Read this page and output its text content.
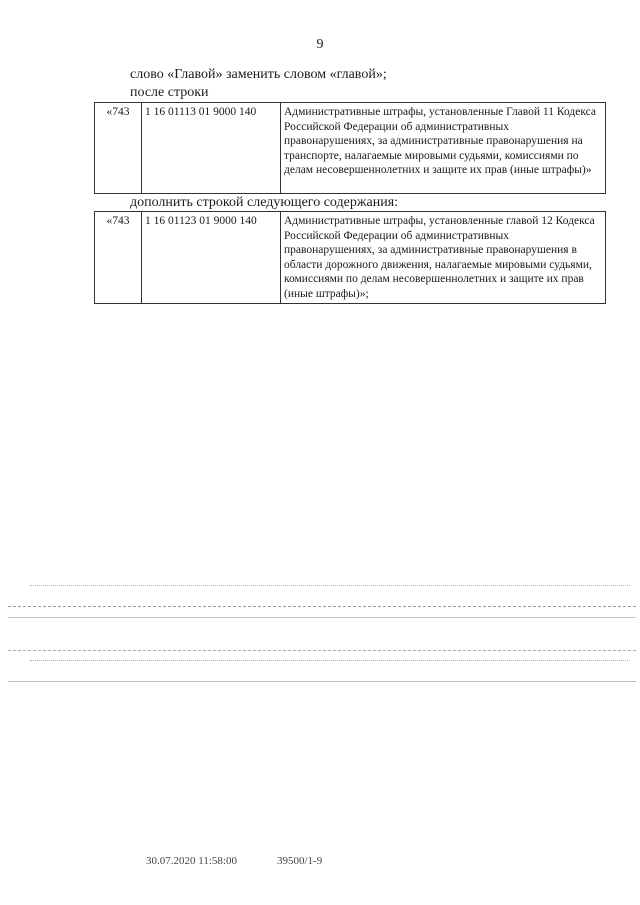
9
слово «Главой» заменить словом «главой»;
после строки
«743	1 16 01113 01 9000 140	Административные штрафы, установленные Главой 11 Кодекса Российской Федерации об административных правонарушениях, за административные правонарушения на транспорте, налагаемые мировыми судьями, комиссиями по делам несовершеннолетних и защите их прав (иные штрафы)»
дополнить строкой следующего содержания:
«743	1 16 01123 01 9000 140	Административные штрафы, установленные главой 12 Кодекса Российской Федерации об административных правонарушениях, за административные правонарушения в области дорожного движения, налагаемые мировыми судьями, комиссиями по делам несовершеннолетних и защите их прав (иные штрафы)»;
30.07.2020 11:58:00	39500/1-9
